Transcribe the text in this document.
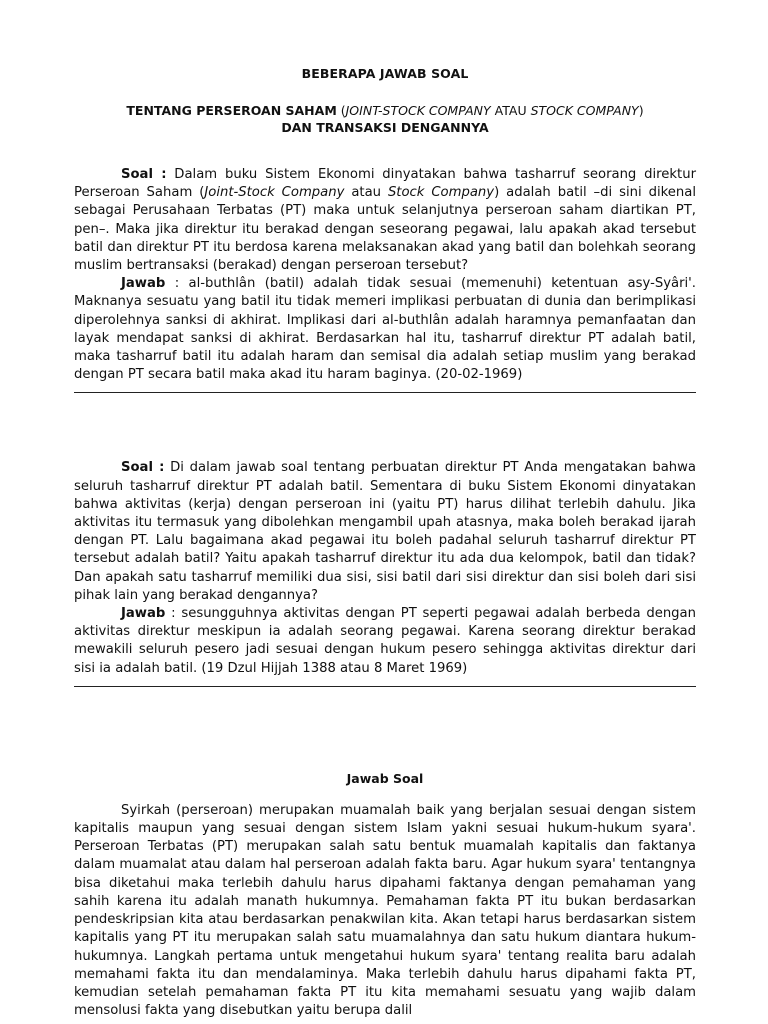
BEBERAPA JAWAB SOAL
TENTANG PERSEROAN SAHAM (JOINT-STOCK COMPANY ATAU STOCK COMPANY)
DAN TRANSAKSI DENGANNYA

Soal : Dalam buku Sistem Ekonomi dinyatakan bahwa tasharruf seorang direktur Perseroan Saham (Joint-Stock Company atau Stock Company) adalah batil –di sini dikenal sebagai Perusahaan Terbatas (PT) maka untuk selanjutnya perseroan saham diartikan PT, pen–. Maka jika direktur itu berakad dengan seseorang pegawai, lalu apakah akad tersebut batil dan direktur PT itu berdosa karena melaksanakan akad yang batil dan bolehkah seorang muslim bertransaksi (berakad) dengan perseroan tersebut?

Jawab : al-buthlân (batil) adalah tidak sesuai (memenuhi) ketentuan asy-Syâri'. Maknanya sesuatu yang batil itu tidak memeri implikasi perbuatan di dunia dan berimplikasi diperolehnya sanksi di akhirat. Implikasi dari al-buthlân adalah haramnya pemanfaatan dan layak mendapat sanksi di akhirat. Berdasarkan hal itu, tasharruf direktur PT adalah batil, maka tasharruf batil itu adalah haram dan semisal dia adalah setiap muslim yang berakad dengan PT secara batil maka akad itu haram baginya. (20-02-1969)

Soal : Di dalam jawab soal tentang perbuatan direktur PT Anda mengatakan bahwa seluruh tasharruf direktur PT adalah batil. Sementara di buku Sistem Ekonomi dinyatakan bahwa aktivitas (kerja) dengan perseroan ini (yaitu PT) harus dilihat terlebih dahulu. Jika aktivitas itu termasuk yang dibolehkan mengambil upah atasnya, maka boleh berakad ijarah dengan PT. Lalu bagaimana akad pegawai itu boleh padahal seluruh tasharruf direktur PT tersebut adalah batil? Yaitu apakah tasharruf direktur itu ada dua kelompok, batil dan tidak? Dan apakah satu tasharruf memiliki dua sisi, sisi batil dari sisi direktur dan sisi boleh dari sisi pihak lain yang berakad dengannya?

Jawab : sesungguhnya aktivitas dengan PT seperti pegawai adalah berbeda dengan aktivitas direktur meskipun ia adalah seorang pegawai. Karena seorang direktur berakad mewakili seluruh pesero jadi sesuai dengan hukum pesero sehingga aktivitas direktur dari sisi ia adalah batil. (19 Dzul Hijjah 1388 atau 8 Maret 1969)

Jawab Soal

Syirkah (perseroan) merupakan muamalah baik yang berjalan sesuai dengan sistem kapitalis maupun yang sesuai dengan sistem Islam yakni sesuai hukum-hukum syara'. Perseroan Terbatas (PT) merupakan salah satu bentuk muamalah kapitalis dan faktanya dalam muamalat atau dalam hal perseroan adalah fakta baru. Agar hukum syara' tentangnya bisa diketahui maka terlebih dahulu harus dipahami faktanya dengan pemahaman yang sahih karena itu adalah manath hukumnya. Pemahaman fakta PT itu bukan berdasarkan pendeskripsian kita atau berdasarkan penakwilan kita. Akan tetapi harus berdasarkan sistem kapitalis yang PT itu merupakan salah satu muamalahnya dan satu hukum diantara hukum-hukumnya. Langkah pertama untuk mengetahui hukum syara' tentang realita baru adalah memahami fakta itu dan mendalaminya. Maka terlebih dahulu harus dipahami fakta PT, kemudian setelah pemahaman fakta PT itu kita memahami sesuatu yang wajib dalam mensolusi fakta yang disebutkan yaitu berupa dalil
